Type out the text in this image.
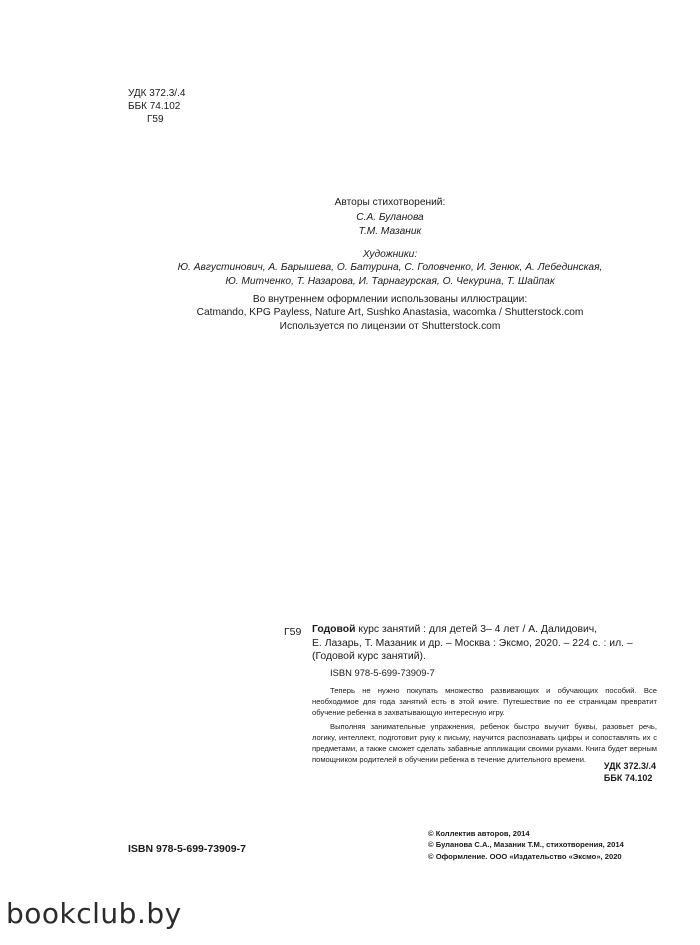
УДК 372.3/.4
ББК 74.102
Г59
Авторы стихотворений:
С.А. Буланова
Т.М. Мазаник
Художники:
Ю. Августинович, А. Барышева, О. Батурина, С. Головченко, И. Зенюк, А. Лебединская,
Ю. Митченко, Т. Назарова, И. Тарнагурская, О. Чекурина, Т. Шайпак
Во внутреннем оформлении использованы иллюстрации:
Catmando, KPG Payless, Nature Art, Sushko Anastasia, wacomka / Shutterstock.com
Используется по лицензии от Shutterstock.com
Г59 Годовой курс занятий : для детей 3– 4 лет / А. Далидович,
Е. Лазарь, Т. Мазаник и др. – Москва : Эксмо, 2020. – 224 с. : ил. –
(Годовой курс занятий).
ISBN 978-5-699-73909-7

Теперь не нужно покупать множество развивающих и обучающих пособий. Все необходимое для года занятий есть в этой книге. Путешествие по ее страницам превратит обучение ребенка в захватывающую интересную игру.

Выполняя занимательные упражнения, ребенок быстро выучит буквы, разовьет речь, логику, интеллект, подготовит руку к письму, научится распознавать цифры и сопоставлять их с предметами, а также сможет сделать забавные аппликации своими руками. Книга будет верным помощником родителей в обучении ребенка в течение длительного времени.

УДК 372.3/.4
ББК 74.102
ISBN 978-5-699-73909-7
© Коллектив авторов, 2014
© Буланова С.А., Мазаник Т.М., стихотворения, 2014
© Оформление. ООО «Издательство «Эксмо», 2020
bookclub.by
